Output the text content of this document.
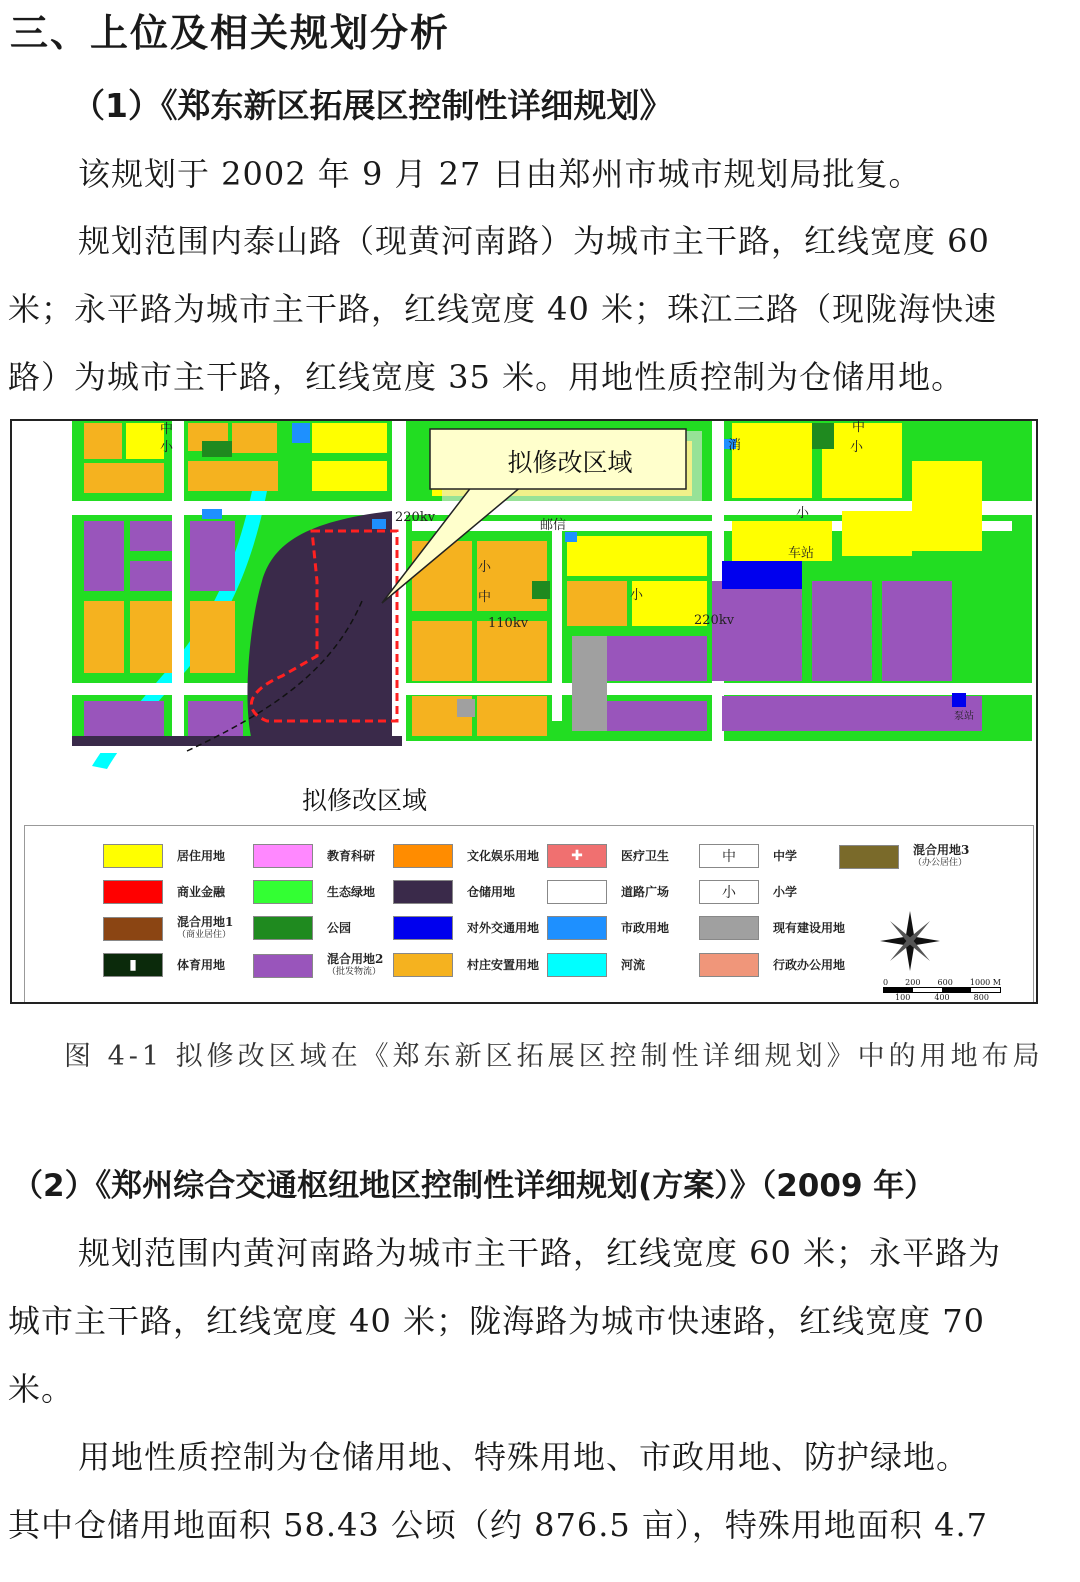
三、上位及相关规划分析
（1）《郑东新区拓展区控制性详细规划》
该规划于 2002 年 9 月 27 日由郑州市城市规划局批复。
规划范围内泰山路（现黄河南路）为城市主干路，红线宽度 60
米；永平路为城市主干路，红线宽度 40 米；珠江三路（现陇海快速
路）为城市主干路，红线宽度 35 米。用地性质控制为仓储用地。
拟修改区域
220kv
220kv
110kv
邮信
车站
消
泵站
中
小
中
小
小
中	小
小
拟修改区域
居住用地
商业金融
混合用地1
（商业居住）
▮	体育用地
教育科研
生态绿地
公园
混合用地2
（批发物流）
文化娱乐用地
仓储用地
对外交通用地
村庄安置用地
✚	医疗卫生
道路广场
市政用地
河流
中	中学
小	小学
现有建设用地
行政办公用地
混合用地3
（办公居住）
0 200 600 1000 M
100	400	800
图 4-1 拟修改区域在《郑东新区拓展区控制性详细规划》中的用地布局
（2）《郑州综合交通枢纽地区控制性详细规划(方案）》（2009 年）
规划范围内黄河南路为城市主干路，红线宽度 60 米；永平路为
城市主干路，红线宽度 40 米；陇海路为城市快速路，红线宽度 70
米。
用地性质控制为仓储用地、特殊用地、市政用地、防护绿地。
其中仓储用地面积 58.43 公顷（约 876.5 亩），特殊用地面积 4.7
